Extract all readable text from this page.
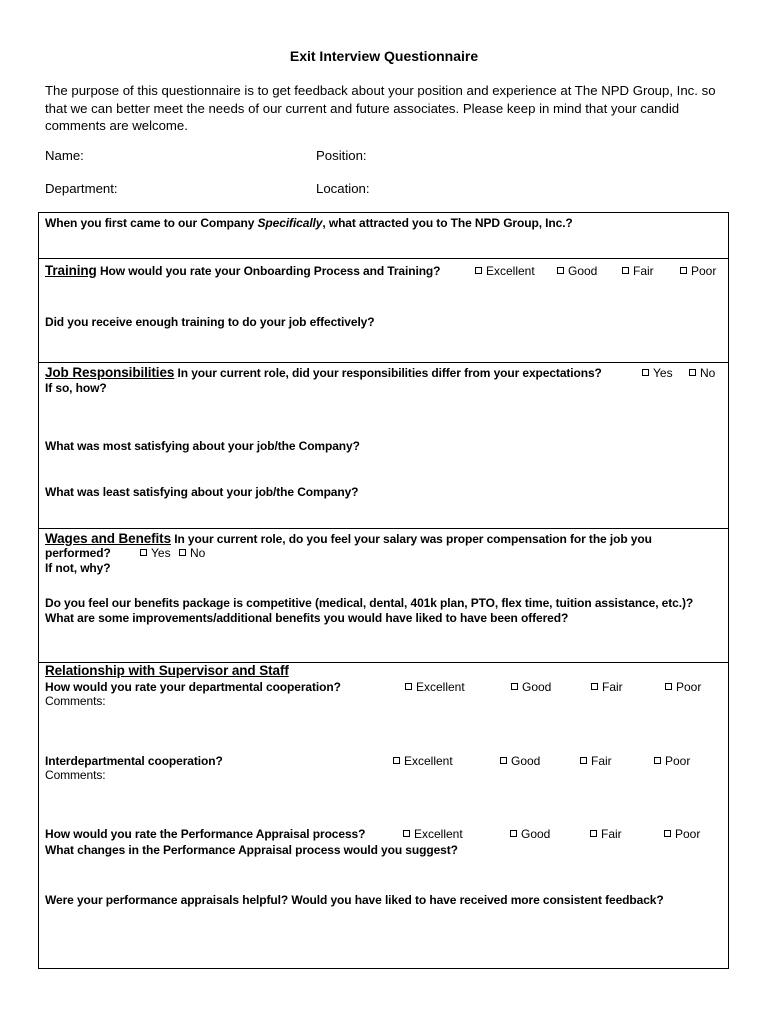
Exit Interview Questionnaire
The purpose of this questionnaire is to get feedback about your position and experience at The NPD Group, Inc. so that we can better meet the needs of our current and future associates. Please keep in mind that your candid comments are welcome.
Name:	Position:
Department:	Location:
When you first came to our Company Specifically, what attracted you to The NPD Group, Inc.?
Training How would you rate your Onboarding Process and Training?	Excellent	Good	Fair	Poor
Did you receive enough training to do your job effectively?
Job Responsibilities In your current role, did your responsibilities differ from your expectations?	Yes	No
If so, how?
What was most satisfying about your job/the Company?
What was least satisfying about your job/the Company?
Wages and Benefits In your current role, do you feel your salary was proper compensation for the job you
performed?	Yes	No
If not, why?
Do you feel our benefits package is competitive (medical, dental, 401k plan, PTO, flex time, tuition assistance, etc.)? What are some improvements/additional benefits you would have liked to have been offered?
Relationship with Supervisor and Staff
How would you rate your departmental cooperation?	Excellent	Good	Fair	Poor
Comments:
Interdepartmental cooperation?	Excellent	Good	Fair	Poor
Comments:
How would you rate the Performance Appraisal process?	Excellent	Good	Fair	Poor
What changes in the Performance Appraisal process would you suggest?
Were your performance appraisals helpful? Would you have liked to have received more consistent feedback?
